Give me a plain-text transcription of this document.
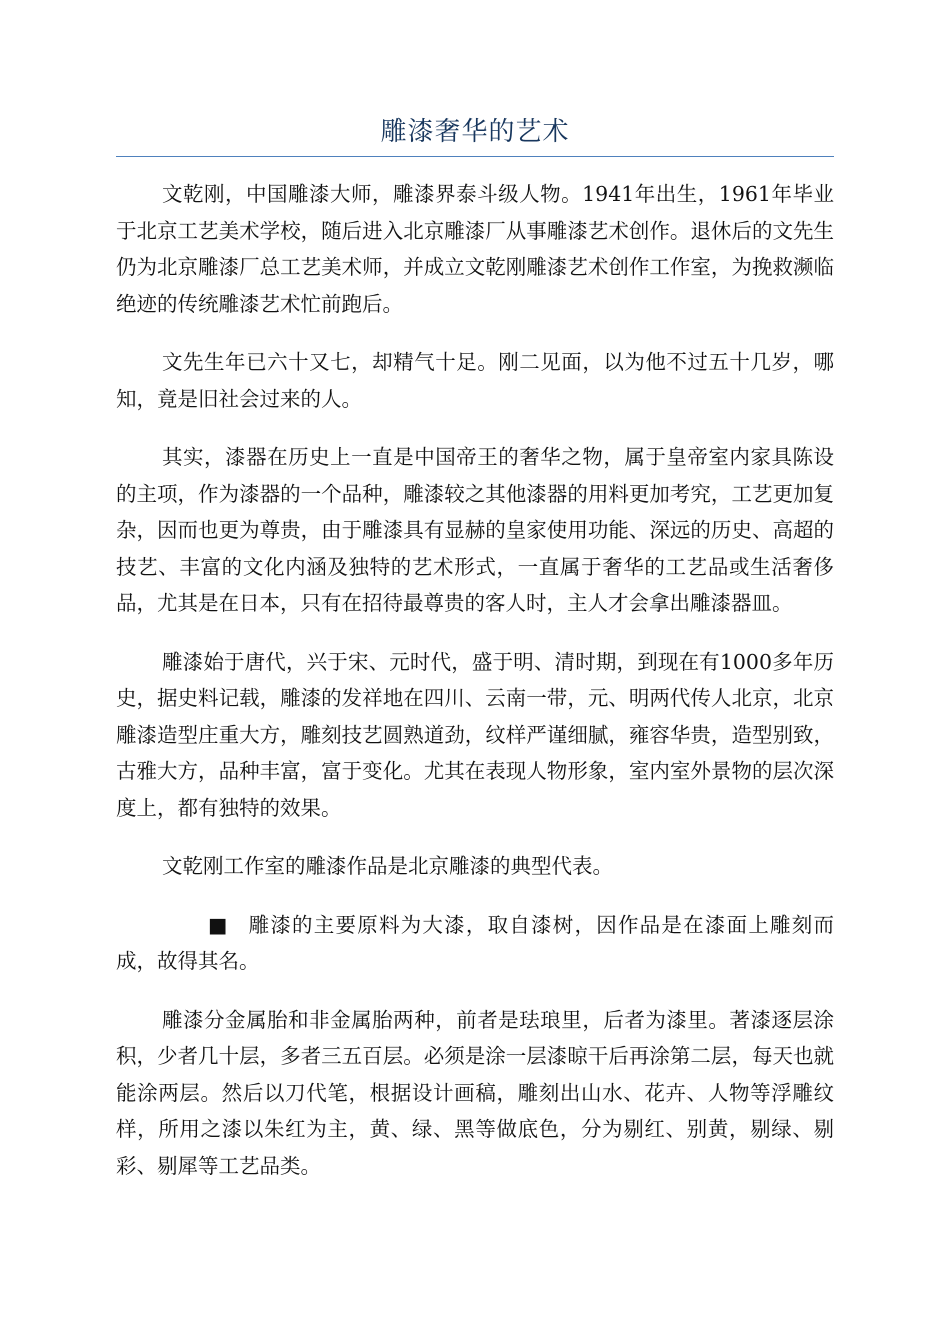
雕漆奢华的艺术

文乾刚，中国雕漆大师，雕漆界泰斗级人物。1941年出生，1961年毕业于北京工艺美术学校，随后进入北京雕漆厂从事雕漆艺术创作。退休后的文先生仍为北京雕漆厂总工艺美术师，并成立文乾刚雕漆艺术创作工作室，为挽救濒临绝迹的传统雕漆艺术忙前跑后。

文先生年已六十又七，却精气十足。刚二见面，以为他不过五十几岁，哪知，竟是旧社会过来的人。

其实，漆器在历史上一直是中国帝王的奢华之物，属于皇帝室内家具陈设的主项，作为漆器的一个品种，雕漆较之其他漆器的用料更加考究，工艺更加复杂，因而也更为尊贵，由于雕漆具有显赫的皇家使用功能、深远的历史、高超的技艺、丰富的文化内涵及独特的艺术形式，一直属于奢华的工艺品或生活奢侈品，尤其是在日本，只有在招待最尊贵的客人时，主人才会拿出雕漆器皿。

雕漆始于唐代，兴于宋、元时代，盛于明、清时期，到现在有1000多年历史，据史料记载，雕漆的发祥地在四川、云南一带，元、明两代传人北京，北京雕漆造型庄重大方，雕刻技艺圆熟道劲，纹样严谨细腻，雍容华贵，造型别致，古雅大方，品种丰富，富于变化。尤其在表现人物形象，室内室外景物的层次深度上，都有独特的效果。

文乾刚工作室的雕漆作品是北京雕漆的典型代表。

■ 雕漆的主要原料为大漆，取自漆树，因作品是在漆面上雕刻而成，故得其名。

雕漆分金属胎和非金属胎两种，前者是珐琅里，后者为漆里。著漆逐层涂积，少者几十层，多者三五百层。必须是涂一层漆晾干后再涂第二层，每天也就能涂两层。然后以刀代笔，根据设计画稿，雕刻出山水、花卉、人物等浮雕纹样，所用之漆以朱红为主，黄、绿、黑等做底色，分为剔红、别黄，剔绿、剔彩、剔犀等工艺品类。
